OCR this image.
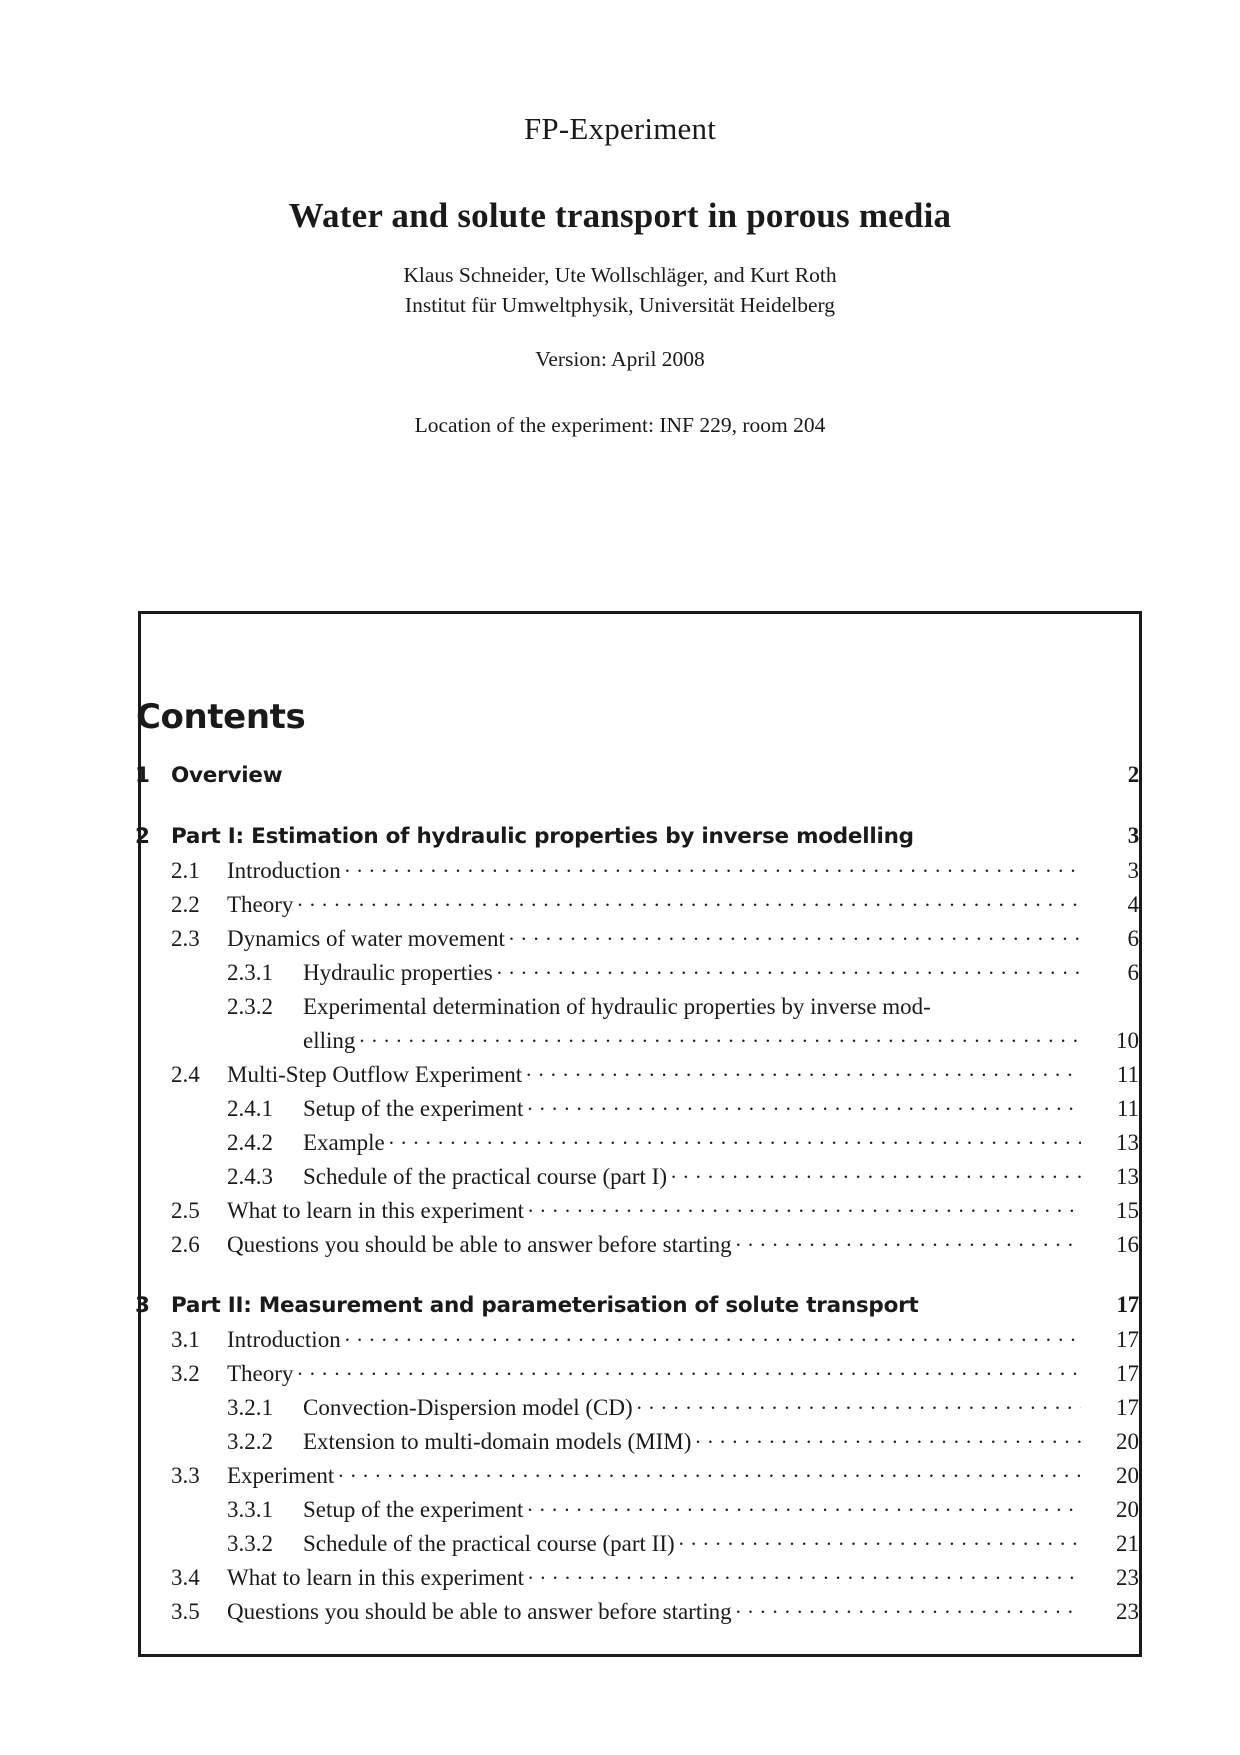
FP-Experiment
Water and solute transport in porous media
Klaus Schneider, Ute Wollschläger, and Kurt Roth
Institut für Umweltphysik, Universität Heidelberg
Version: April 2008
Location of the experiment: INF 229, room 204
Contents
1 Overview	2
2 Part I: Estimation of hydraulic properties by inverse modelling	3
2.1	Introduction . . .	3
2.2	Theory . . .	4
2.3	Dynamics of water movement . . .	6
2.3.1	Hydraulic properties . . .	6
2.3.2	Experimental determination of hydraulic properties by inverse mod-
elling . . .	10
2.4	Multi-Step Outflow Experiment . . .	11
2.4.1	Setup of the experiment . . .	11
2.4.2	Example . . .	13
2.4.3	Schedule of the practical course (part I) . . .	13
2.5	What to learn in this experiment . . .	15
2.6	Questions you should be able to answer before starting . . .	16
3 Part II: Measurement and parameterisation of solute transport	17
3.1	Introduction . . .	17
3.2	Theory . . .	17
3.2.1	Convection-Dispersion model (CD) . . .	17
3.2.2	Extension to multi-domain models (MIM) . . .	20
3.3	Experiment . . .	20
3.3.1	Setup of the experiment . . .	20
3.3.2	Schedule of the practical course (part II) . . .	21
3.4	What to learn in this experiment . . .	23
3.5	Questions you should be able to answer before starting . . .	23
